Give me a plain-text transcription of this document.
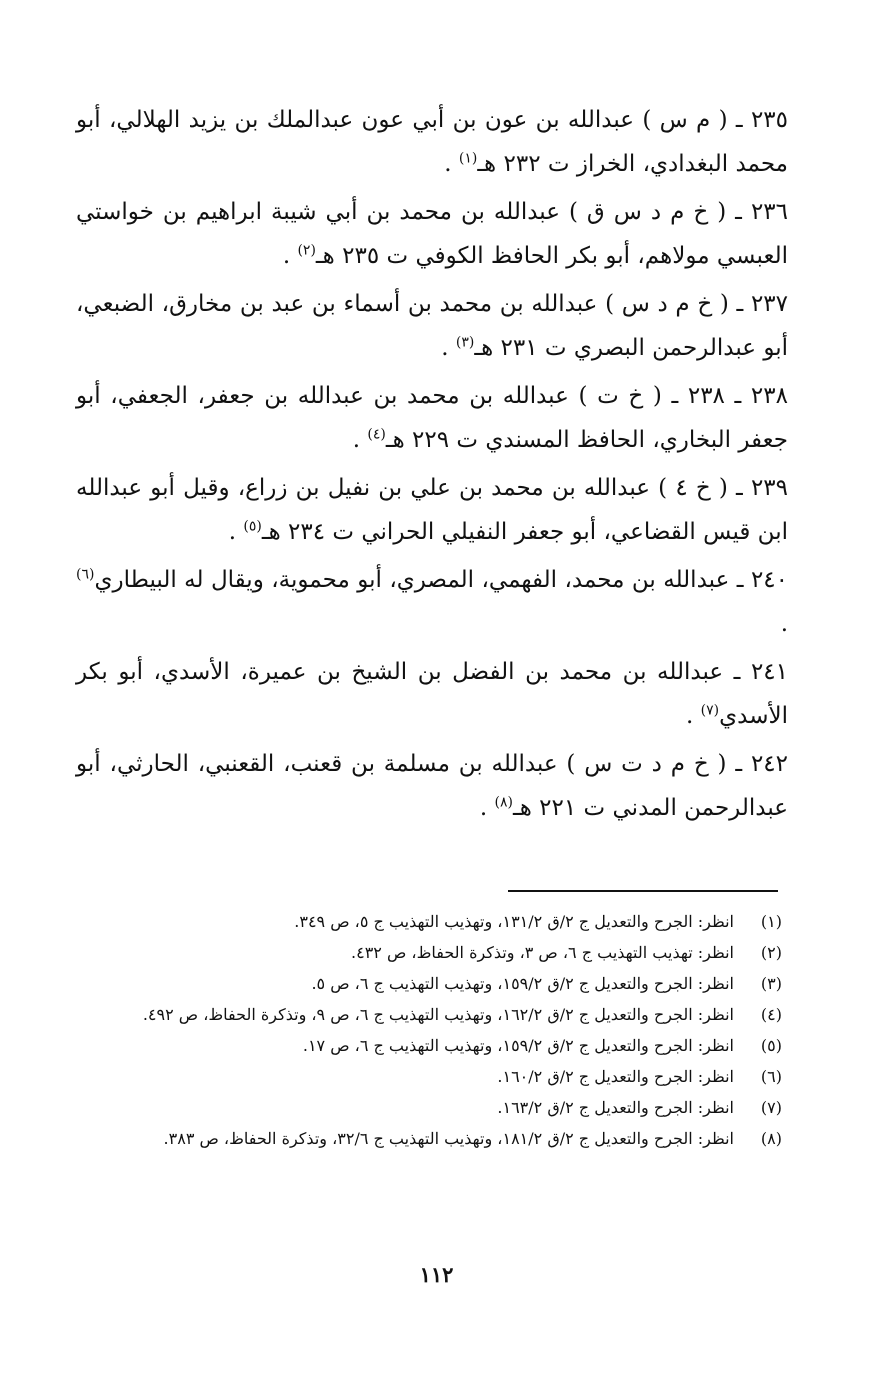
٢٣٥ ـ ( م س ) عبدالله بن عون بن أبي عون عبدالملك بن يزيد الهلالي، أبو محمد البغدادي، الخراز ت ٢٣٢ هـ$^{(١)}$ .

٢٣٦ ـ ( خ م د س ق ) عبدالله بن محمد بن أبي شيبة ابراهيم بن خواستي العبسي مولاهم، أبو بكر الحافظ الكوفي ت ٢٣٥ هـ$^{(٢)}$ .

٢٣٧ ـ ( خ م د س ) عبدالله بن محمد بن أسماء بن عبد بن مخارق، الضبعي، أبو عبدالرحمن البصري ت ٢٣١ هـ$^{(٣)}$ .

٢٣٨ ـ ٢٣٨ ـ ( خ ت ) عبدالله بن محمد بن عبدالله بن جعفر، الجعفي، أبو جعفر البخاري، الحافظ المسندي ت ٢٢٩ هـ$^{(٤)}$ .

٢٣٩ ـ ( خ ٤ ) عبدالله بن محمد بن علي بن نفيل بن زراع، وقيل أبو عبدالله ابن قيس القضاعي، أبو جعفر النفيلي الحراني ت ٢٣٤ هـ$^{(٥)}$ .

٢٤٠ ـ عبدالله بن محمد، الفهمي، المصري، أبو محموية، ويقال له البيطاري$^{(٦)}$ .

٢٤١ ـ عبدالله بن محمد بن الفضل بن الشيخ بن عميرة، الأسدي، أبو بكر الأسدي$^{(٧)}$ .

٢٤٢ ـ ( خ م د ت س ) عبدالله بن مسلمة بن قعنب، القعنبي، الحارثي، أبو عبدالرحمن المدني ت ٢٢١ هـ$^{(٨)}$ .

(١)
انظر: الجرح والتعديل ج ٢/ق ١٣١/٢، وتهذيب التهذيب ج ٥، ص ٣٤٩.
(٢)
انظر: تهذيب التهذيب ج ٦، ص ٣، وتذكرة الحفاظ، ص ٤٣٢.
(٣)
انظر: الجرح والتعديل ج ٢/ق ١٥٩/٢، وتهذيب التهذيب ج ٦، ص ٥.
(٤)
انظر: الجرح والتعديل ج ٢/ق ١٦٢/٢، وتهذيب التهذيب ج ٦، ص ٩، وتذكرة الحفاظ، ص ٤٩٢.
(٥)
انظر: الجرح والتعديل ج ٢/ق ١٥٩/٢، وتهذيب التهذيب ج ٦، ص ١٧.
(٦)
انظر: الجرح والتعديل ج ٢/ق ١٦٠/٢.
(٧)
انظر: الجرح والتعديل ج ٢/ق ١٦٣/٢.
(٨)
انظر: الجرح والتعديل ج ٢/ق ١٨١/٢، وتهذيب التهذيب ج ٣٢/٦، وتذكرة الحفاظ، ص ٣٨٣.
١١٢
